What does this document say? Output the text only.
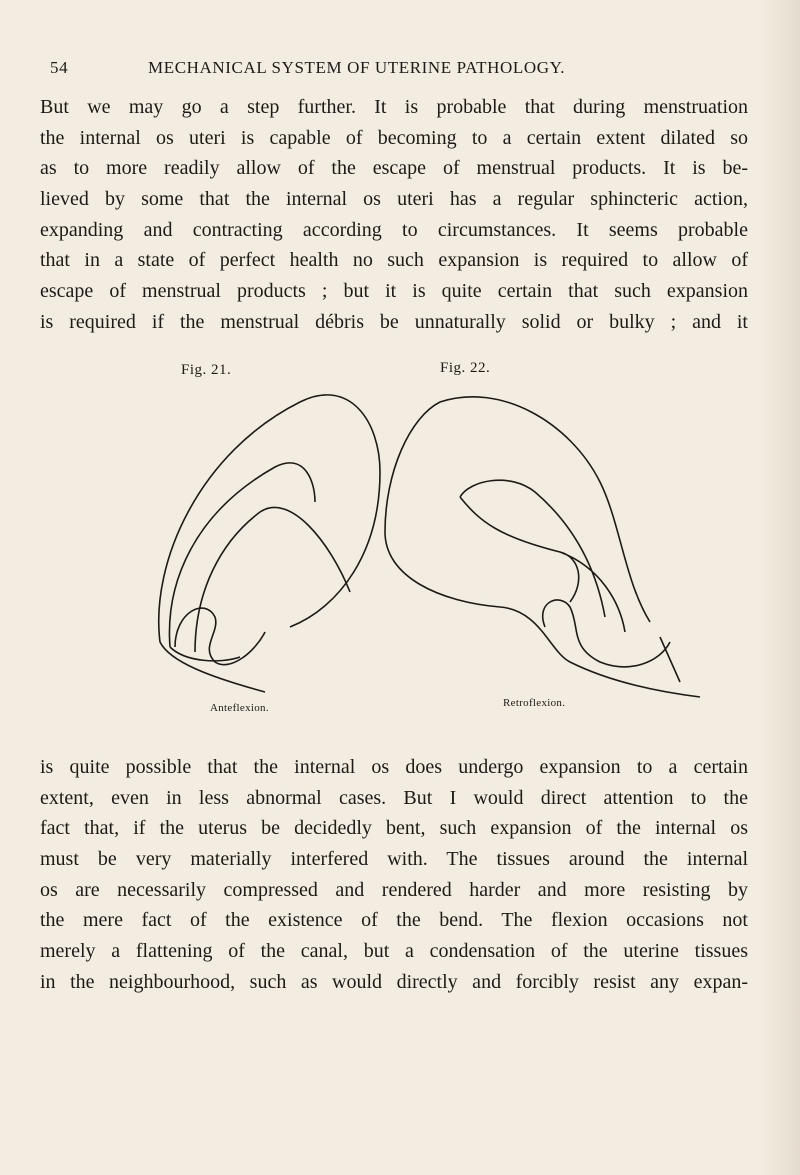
54	MECHANICAL SYSTEM OF UTERINE PATHOLOGY.
But we may go a step further. It is probable that during menstruation
the internal os uteri is capable of becoming to a certain extent dilated so
as to more readily allow of the escape of menstrual products. It is be-
lieved by some that the internal os uteri has a regular sphincteric action,
expanding and contracting according to circumstances. It seems probable
that in a state of perfect health no such expansion is required to allow of
escape of menstrual products ; but it is quite certain that such expansion
is required if the menstrual débris be unnaturally solid or bulky ; and it
Fig. 21.	Fig. 22.
Anteflexion.	Retroflexion.
is quite possible that the internal os does undergo expansion to a certain
extent, even in less abnormal cases. But I would direct attention to the
fact that, if the uterus be decidedly bent, such expansion of the internal os
must be very materially interfered with. The tissues around the internal
os are necessarily compressed and rendered harder and more resisting by
the mere fact of the existence of the bend. The flexion occasions not
merely a flattening of the canal, but a condensation of the uterine tissues
in the neighbourhood, such as would directly and forcibly resist any expan-
